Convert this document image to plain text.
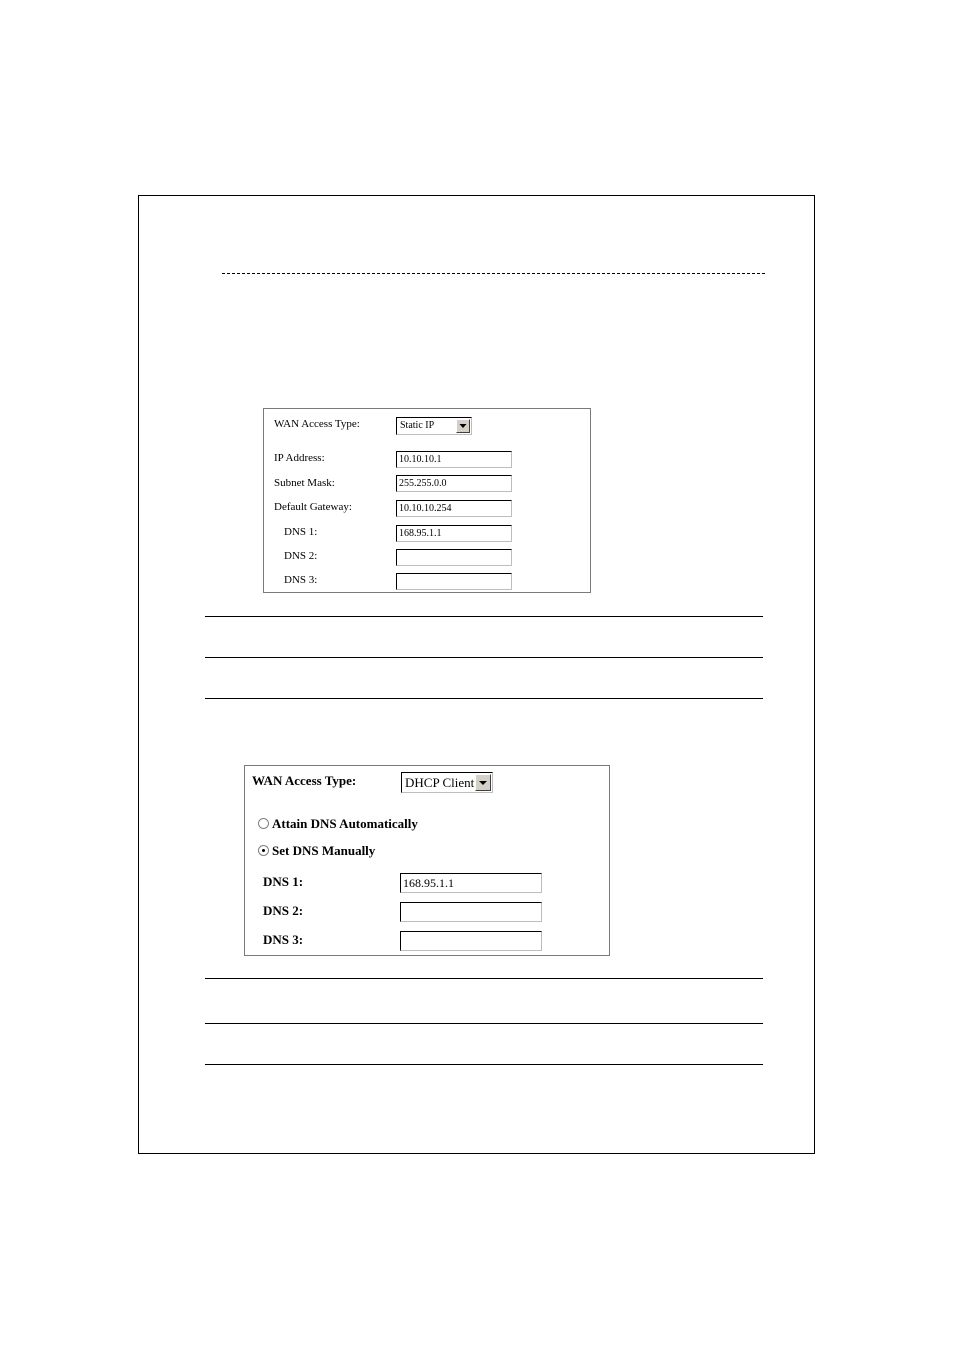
WAN Access Type:	Static IP
IP Address:	10.10.10.1
Subnet Mask:	255.255.0.0
Default Gateway:	10.10.10.254
DNS 1:	168.95.1.1
DNS 2:
DNS 3:
WAN Access Type:	DHCP Client
Attain DNS Automatically
Set DNS Manually
DNS 1:	168.95.1.1
DNS 2:
DNS 3:
